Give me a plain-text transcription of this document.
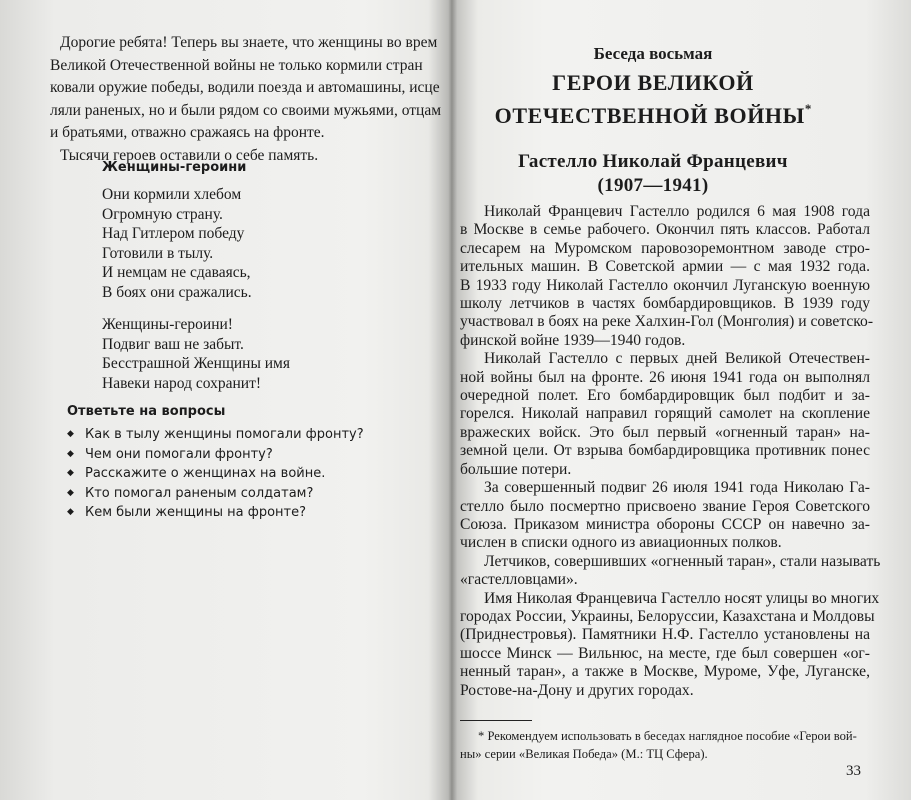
Дорогие ребята! Теперь вы знаете, что женщины во врем
Великой Отечественной войны не только кормили стран
ковали оружие победы, водили поезда и автомашины, исце
ляли раненых, но и были рядом со своими мужьями, отцам
и братьями, отважно сражаясь на фронте.
Тысячи героев оставили о себе память.
Женщины-героини
Они кормили хлебом
Огромную страну.
Над Гитлером победу
Готовили в тылу.
И немцам не сдаваясь,
В боях они сражались.
Женщины-героини!
Подвиг ваш не забыт.
Бесстрашной Женщины имя
Навеки народ сохранит!
Ответьте на вопросы
◆ Как в тылу женщины помогали фронту?
◆ Чем они помогали фронту?
◆ Расскажите о женщинах на войне.
◆ Кто помогал раненым солдатам?
◆ Кем были женщины на фронте?
Беседа восьмая
ГЕРОИ ВЕЛИКОЙ
ОТЕЧЕСТВЕННОЙ ВОЙНЫ*
Гастелло Николай Францевич
(1907—1941)
Николай Францевич Гастелло родился 6 мая 1908 года
в Москве в семье рабочего. Окончил пять классов. Работал
слесарем на Муромском паровозоремонтном заводе стро-
ительных машин. В Советской армии — с мая 1932 года.
В 1933 году Николай Гастелло окончил Луганскую военную
школу летчиков в частях бомбардировщиков. В 1939 году
участвовал в боях на реке Халхин-Гол (Монголия) и советско-
финской войне 1939—1940 годов.
Николай Гастелло с первых дней Великой Отечествен-
ной войны был на фронте. 26 июня 1941 года он выполнял
очередной полет. Его бомбардировщик был подбит и за-
горелся. Николай направил горящий самолет на скопление
вражеских войск. Это был первый «огненный таран» на-
земной цели. От взрыва бомбардировщика противник понес
большие потери.
За совершенный подвиг 26 июля 1941 года Николаю Га-
стелло было посмертно присвоено звание Героя Советского
Союза. Приказом министра обороны СССР он навечно за-
числен в списки одного из авиационных полков.
Летчиков, совершивших «огненный таран», стали называть
«гастелловцами».
Имя Николая Францевича Гастелло носят улицы во многих
городах России, Украины, Белоруссии, Казахстана и Молдовы
(Приднестровья). Памятники Н.Ф. Гастелло установлены на
шоссе Минск — Вильнюс, на месте, где был совершен «ог-
ненный таран», а также в Москве, Муроме, Уфе, Луганске,
Ростове-на-Дону и других городах.
* Рекомендуем использовать в беседах наглядное пособие «Герои вой-
ны» серии «Великая Победа» (М.: ТЦ Сфера).
33
